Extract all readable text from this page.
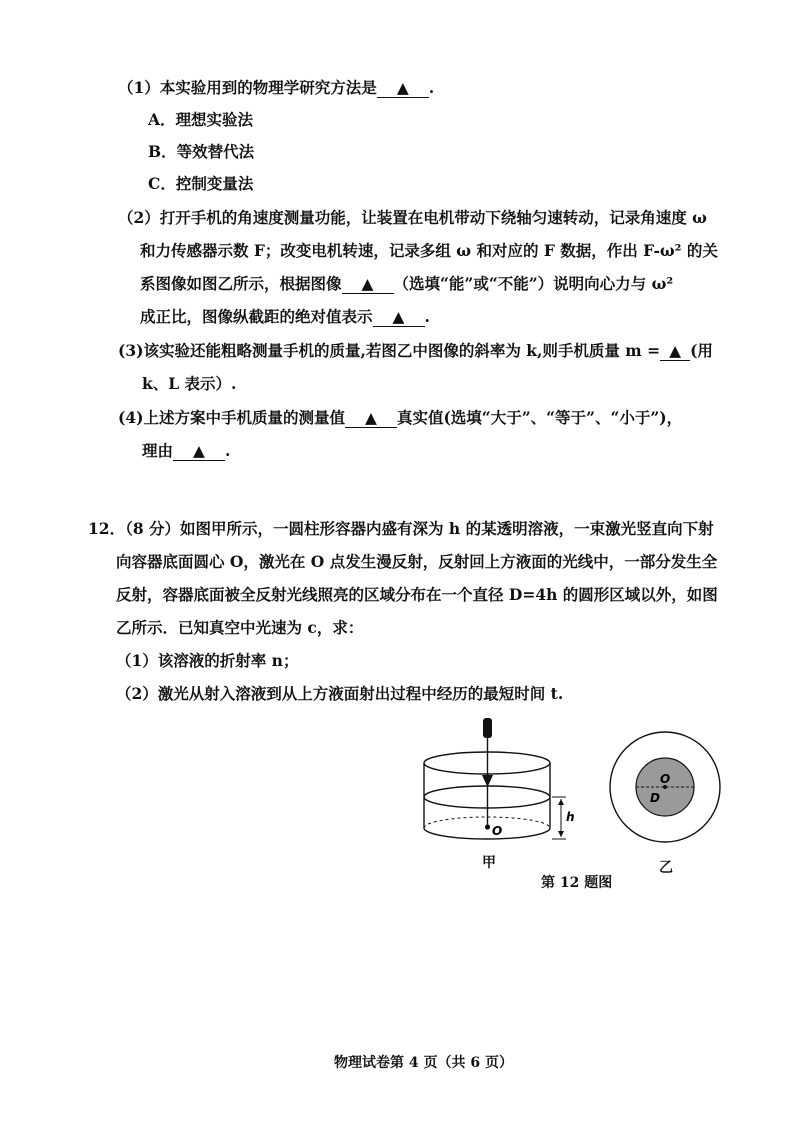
（1）本实验用到的物理学研究方法是 ▲ .
A．理想实验法
B．等效替代法
C．控制变量法
（2）打开手机的角速度测量功能，让装置在电机带动下绕轴匀速转动，记录角速度 ω
和力传感器示数 F；改变电机转速，记录多组 ω 和对应的 F 数据，作出 F-ω² 的关
系图像如图乙所示，根据图像 ▲ （选填“能”或“不能”）说明向心力与 ω²
成正比，图像纵截距的绝对值表示 ▲ .
(3)该实验还能粗略测量手机的质量,若图乙中图像的斜率为 k,则手机质量 m = ▲ (用
k、L 表示）.
(4)上述方案中手机质量的测量值 ▲ 真实值(选填“大于”、“等于”、“小于”)，
理由 ▲ .
12．（8 分）如图甲所示，一圆柱形容器内盛有深为 h 的某透明溶液，一束激光竖直向下射
向容器底面圆心 O，激光在 O 点发生漫反射，反射回上方液面的光线中，一部分发生全
反射，容器底面被全反射光线照亮的区域分布在一个直径 D=4h 的圆形区域以外，如图
乙所示．已知真空中光速为 c，求：
（1）该溶液的折射率 n；
（2）激光从射入溶液到从上方液面射出过程中经历的最短时间 t.
O
h
O
D
甲
第 12 题图
乙
物理试卷第 4 页（共 6 页）
